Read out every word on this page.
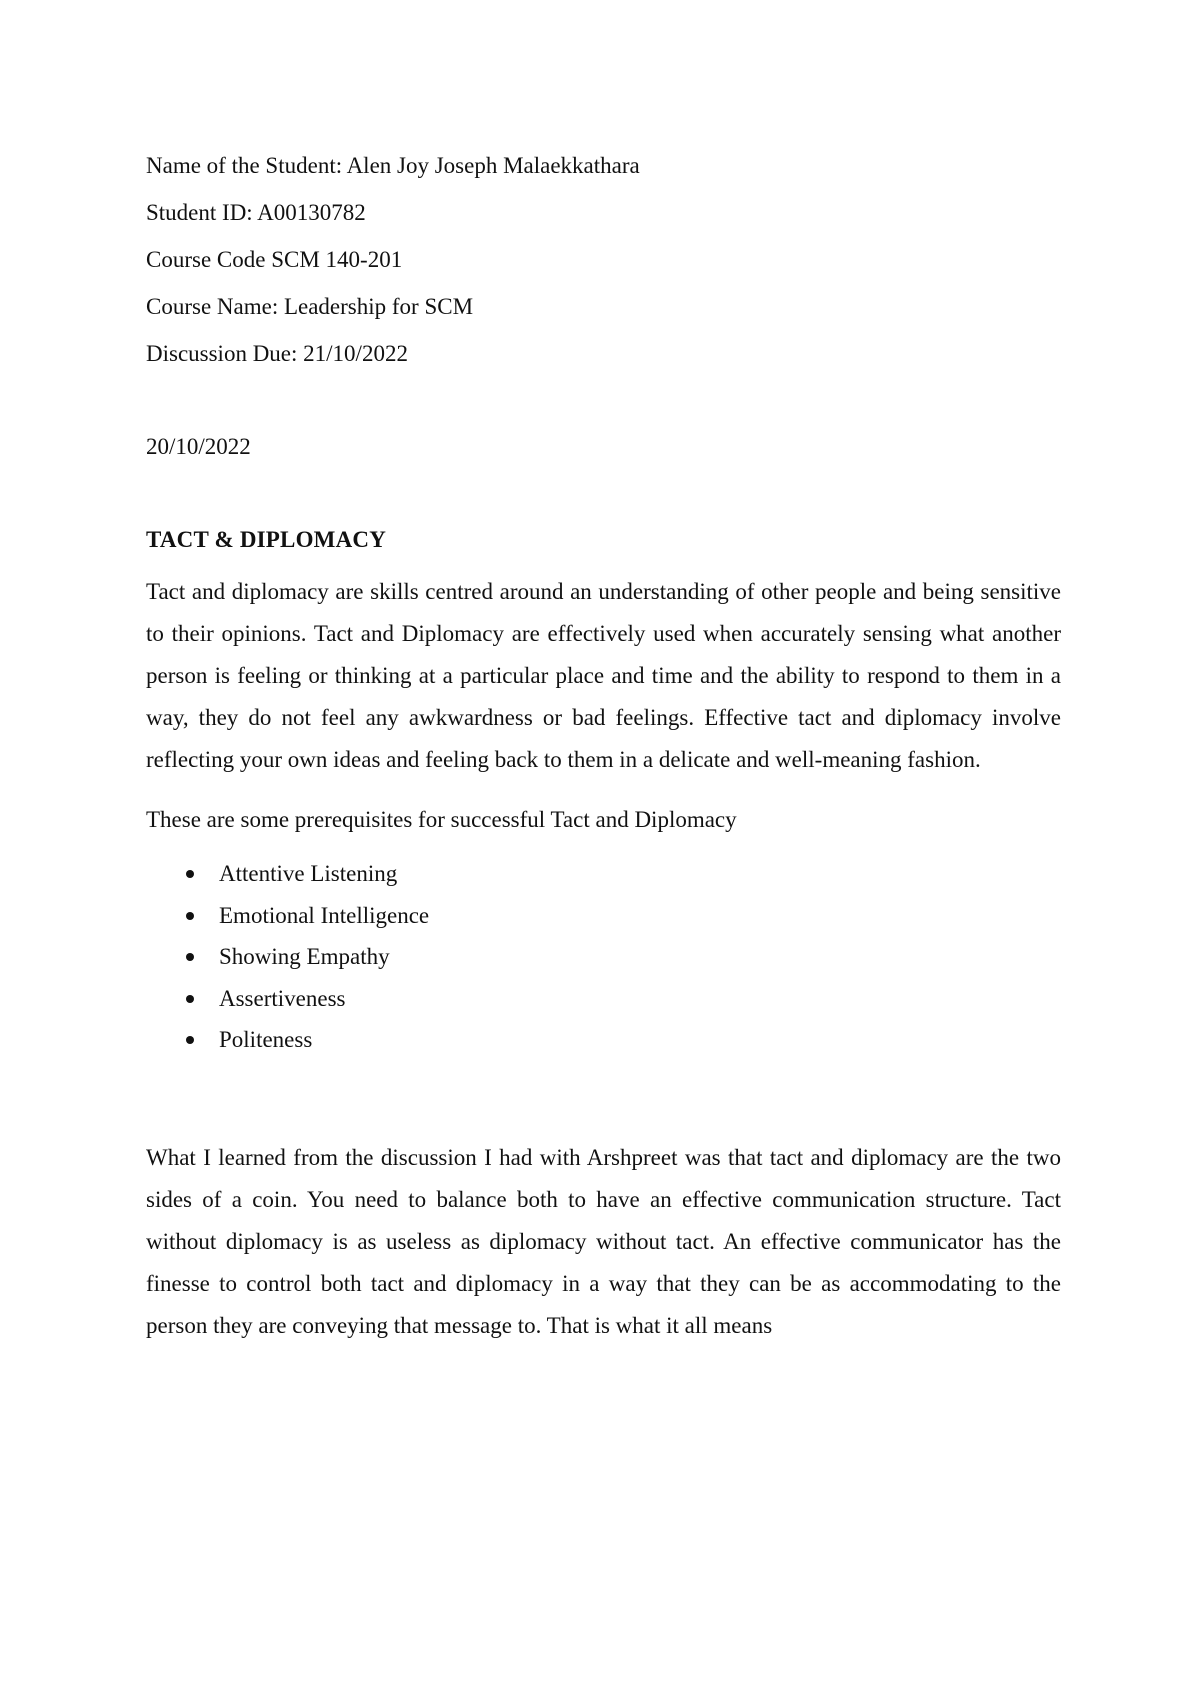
Name of the Student: Alen Joy Joseph Malaekkathara

Student ID: A00130782

Course Code SCM 140-201

Course Name: Leadership for SCM

Discussion Due: 21/10/2022

20/10/2022

TACT & DIPLOMACY

Tact and diplomacy are skills centred around an understanding of other people and being sensitive to their opinions. Tact and Diplomacy are effectively used when accurately sensing what another person is feeling or thinking at a particular place and time and the ability to respond to them in a way, they do not feel any awkwardness or bad feelings. Effective tact and diplomacy involve reflecting your own ideas and feeling back to them in a delicate and well-meaning fashion.

These are some prerequisites for successful Tact and Diplomacy

Attentive Listening
Emotional Intelligence
Showing Empathy
Assertiveness
Politeness

What I learned from the discussion I had with Arshpreet was that tact and diplomacy are the two sides of a coin. You need to balance both to have an effective communication structure. Tact without diplomacy is as useless as diplomacy without tact. An effective communicator has the finesse to control both tact and diplomacy in a way that they can be as accommodating to the person they are conveying that message to. That is what it all means
